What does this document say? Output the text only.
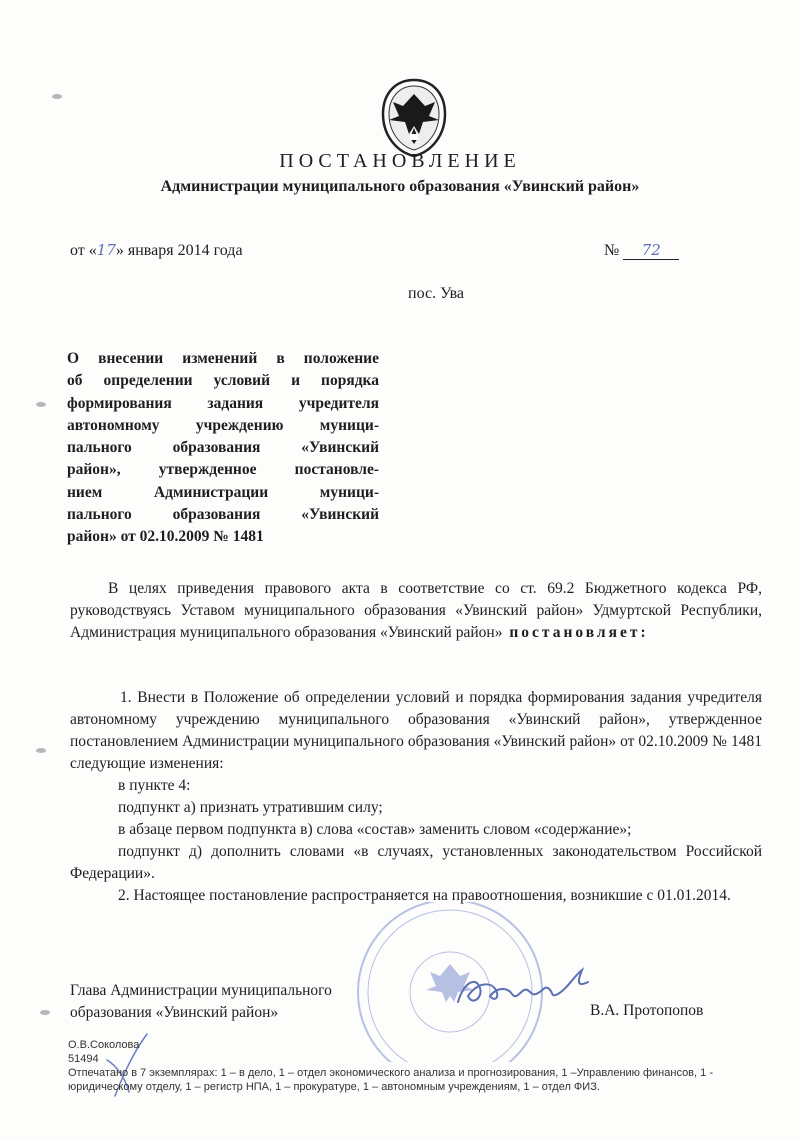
ПОСТАНОВЛЕНИЕ
Администрации муниципального образования «Увинский район»
от «17» января 2014 года	№ 72
пос. Ува

О внесении изменений в положение

об определении условий и порядка

формирования задания учредителя

автономному учреждению муници-

пального образования «Увинский

район», утвержденное постановле-

нием Администрации муници-

пального образования «Увинский

район» от 02.10.2009 № 1481

В целях приведения правового акта в соответствие со ст. 69.2 Бюджетного кодекса РФ, руководствуясь Уставом муниципального образования «Увинский район» Удмуртской Республики, Администрация муниципального образования «Увинский район» постановляет:

1. Внести в Положение об определении условий и порядка формирования задания учредителя автономному учреждению муниципального образования «Увинский район», утвержденное постановлением Администрации муниципального образования «Увинский район» от 02.10.2009 № 1481 следующие изменения:

в пункте 4:

подпункт а) признать утратившим силу;

в абзаце первом подпункта в) слова «состав» заменить словом «содержание»;

подпункт д) дополнить словами «в случаях, установленных законодательством Российской Федерации».

2. Настоящее постановление распространяется на правоотношения, возникшие с 01.01.2014.

Глава Администрации муниципального
образования «Увинский район»	В.А. Протопопов

О.В.Соколова

51494

Отпечатано в 7 экземплярах: 1 – в дело, 1 – отдел экономического анализа и прогнозирования, 1 –Управлению финансов, 1 - юридическому отделу, 1 – регистр НПА, 1 – прокуратуре, 1 – автономным учреждениям, 1 – отдел ФИЗ.
